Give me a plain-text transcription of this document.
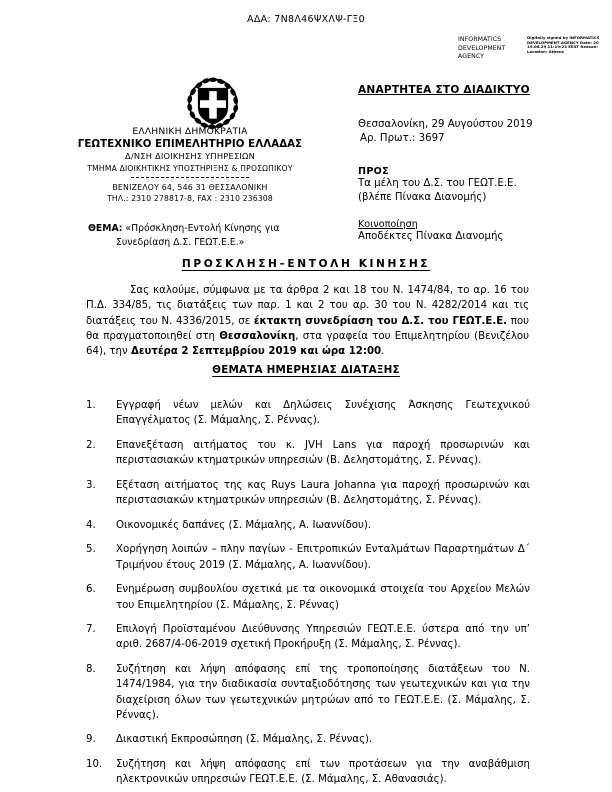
ΑΔΑ: 7Ν8Λ46ΨΧΛΨ-ΓΞ0
INFORMATICS DEVELOPMENT AGENCY
Digitally signed by INFORMATICS DEVELOPMENT AGENCY Date: 2019.08.29 11:19:23 EEST Reason: Location: Athens
ΕΛΛΗΝΙΚΗ ΔΗΜΟΚΡΑΤΙΑ
ΓΕΩΤΕΧΝΙΚΟ ΕΠΙΜΕΛΗΤΗΡΙΟ ΕΛΛΑΔΑΣ
Δ/ΝΣΗ ΔΙΟΙΚΗΣΗΣ ΥΠΗΡΕΣΙΩΝ
ΤΜΗΜΑ ΔΙΟΙΚΗΤΙΚΗΣ ΥΠΟΣΤΗΡΙΞΗΣ & ΠΡΟΣΩΠΙΚΟΥ
ΒΕΝΙΖΕΛΟΥ 64, 546 31 ΘΕΣΣΑΛΟΝΙΚΗ
ΤΗΛ.: 2310 278817-8, FAX : 2310 236308
ΘΕΜΑ: «Πρόσκληση-Εντολή Κίνησης για
Συνεδρίαση Δ.Σ. ΓΕΩΤ.Ε.Ε.»
ΑΝΑΡΤΗΤΕΑ ΣΤΟ ΔΙΑΔΙΚΤΥΟ
Θεσσαλονίκη, 29 Αυγούστου 2019
Αρ. Πρωτ.: 3697
ΠΡΟΣ
Τα μέλη του Δ.Σ. του ΓΕΩΤ.Ε.Ε.
(βλέπε Πίνακα Διανομής)
Κοινοποίηση
Αποδέκτες Πίνακα Διανομής
ΠΡΟΣΚΛΗΣΗ–ΕΝΤΟΛΗ ΚΙΝΗΣΗΣ
Σας καλούμε, σύμφωνα με τα άρθρα 2 και 18 του Ν. 1474/84, το αρ. 16 του Π.Δ. 334/85, τις διατάξεις των παρ. 1 και 2 του αρ. 30 του Ν. 4282/2014 και τις διατάξεις του Ν. 4336/2015, σε έκτακτη συνεδρίαση του Δ.Σ. του ΓΕΩΤ.Ε.Ε. που θα πραγματοποιηθεί στη Θεσσαλονίκη, στα γραφεία του Επιμελητηρίου (Βενιζέλου 64), την Δευτέρα 2 Σεπτεμβρίου 2019 και ώρα 12:00.
ΘΕΜΑΤΑ ΗΜΕΡΗΣΙΑΣ ΔΙΑΤΑΞΗΣ
1.	Εγγραφή νέων μελών και Δηλώσεις Συνέχισης Άσκησης Γεωτεχνικού Επαγγέλματος (Σ. Μάμαλης, Σ. Ρέννας).
2.	Επανεξέταση αιτήματος του κ. JVH Lans για παροχή προσωρινών και περιστασιακών κτηματρικών υπηρεσιών (Β. Δεληστομάτης, Σ. Ρέννας).
3.	Εξέταση αιτήματος της κας Ruys Laura Johanna για παροχή προσωρινών και περιστασιακών κτηματρικών υπηρεσιών (Β. Δεληστομάτης, Σ. Ρέννας).
4.	Οικονομικές δαπάνες (Σ. Μάμαλης, Α. Ιωαννίδου).
5.	Χορήγηση λοιπών – πλην παγίων - Επιτροπικών Ενταλμάτων Παραρτημάτων Δ΄ Τριμήνου έτους 2019 (Σ. Μάμαλης, Α. Ιωαννίδου).
6.	Ενημέρωση συμβουλίου σχετικά με τα οικονομικά στοιχεία του Αρχείου Μελών του Επιμελητηρίου (Σ. Μάμαλης, Σ. Ρέννας)
7.	Επιλογή Προϊσταμένου Διεύθυνσης Υπηρεσιών ΓΕΩΤ.Ε.Ε. ύστερα από την υπ’ αριθ. 2687/4-06-2019 σχετική Προκήρυξη (Σ. Μάμαλης, Σ. Ρέννας).
8.	Συζήτηση και λήψη απόφασης επί της τροποποίησης διατάξεων του Ν. 1474/1984, για την διαδικασία συνταξιοδότησης των γεωτεχνικών και για την διαχείριση όλων των γεωτεχνικών μητρώων από το ΓΕΩΤ.Ε.Ε. (Σ. Μάμαλης, Σ. Ρέννας).
9.	Δικαστική Εκπροσώπηση (Σ. Μάμαλης, Σ. Ρέννας).
10.	Συζήτηση και λήψη απόφασης επί των προτάσεων για την αναβάθμιση ηλεκτρονικών υπηρεσιών ΓΕΩΤ.Ε.Ε. (Σ. Μάμαλης, Σ. Αθανασιάς).
